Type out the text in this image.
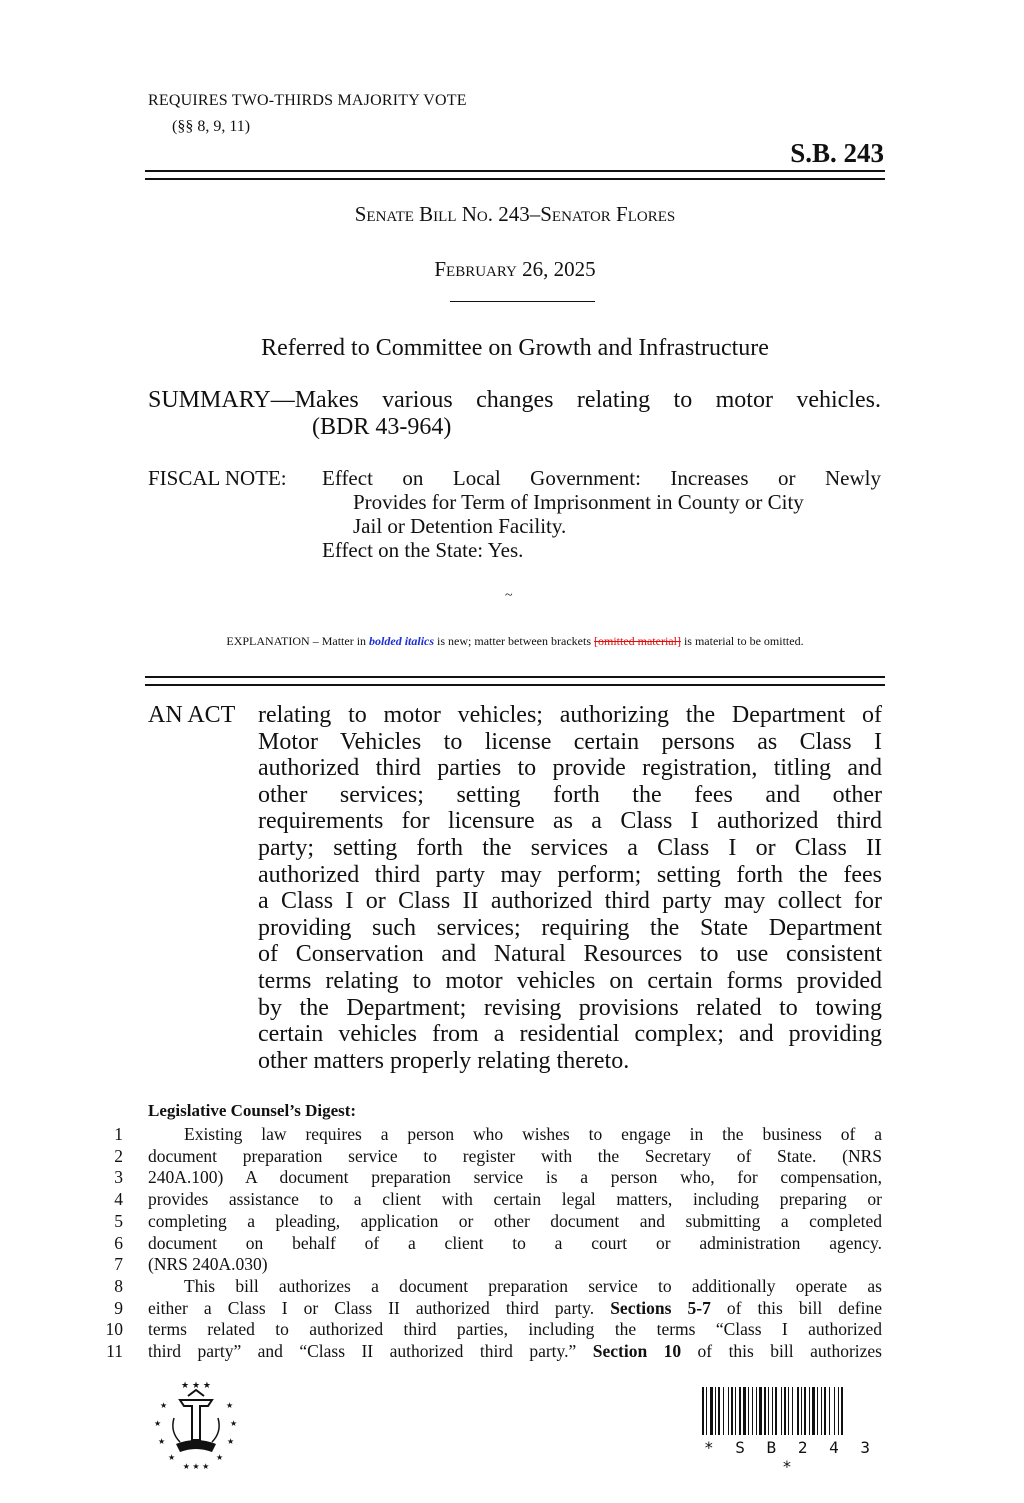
REQUIRES TWO-THIRDS MAJORITY VOTE
(§§ 8, 9, 11)
S.B. 243
Senate Bill No. 243–Senator Flores
February 26, 2025
Referred to Committee on Growth and Infrastructure
SUMMARY—Makes various changes relating to motor vehicles.
(BDR 43-964)
FISCAL NOTE:	Effect on Local Government: Increases or Newly
Provides for Term of Imprisonment in County or City
Jail or Detention Facility.
Effect on the State: Yes.
~
EXPLANATION – Matter in bolded italics is new; matter between brackets [omitted material] is material to be omitted.
AN ACT relating to motor vehicles; authorizing the Department of
Motor Vehicles to license certain persons as Class I
authorized third parties to provide registration, titling and
other services; setting forth the fees and other
requirements for licensure as a Class I authorized third
party; setting forth the services a Class I or Class II
authorized third party may perform; setting forth the fees
a Class I or Class II authorized third party may collect for
providing such services; requiring the State Department
of Conservation and Natural Resources to use consistent
terms relating to motor vehicles on certain forms provided
by the Department; revising provisions related to towing
certain vehicles from a residential complex; and providing
other matters properly relating thereto.
Legislative Counsel’s Digest:
1	Existing law requires a person who wishes to engage in the business of a
2 document preparation service to register with the Secretary of State. (NRS
3 240A.100) A document preparation service is a person who, for compensation,
4 provides assistance to a client with certain legal matters, including preparing or
5 completing a pleading, application or other document and submitting a completed
6 document on behalf of a client to a court or administration agency.
7 (NRS 240A.030)
8	This bill authorizes a document preparation service to additionally operate as
9 either a Class I or Class II authorized third party. Sections 5-7 of this bill define
10 terms related to authorized third parties, including the terms “Class I authorized
11 third party” and “Class II authorized third party.” Section 10 of this bill authorizes
★ ★ ★
★
★
★
★
★
★
★
★
★ ★ ★
* S B 2 4 3 *
